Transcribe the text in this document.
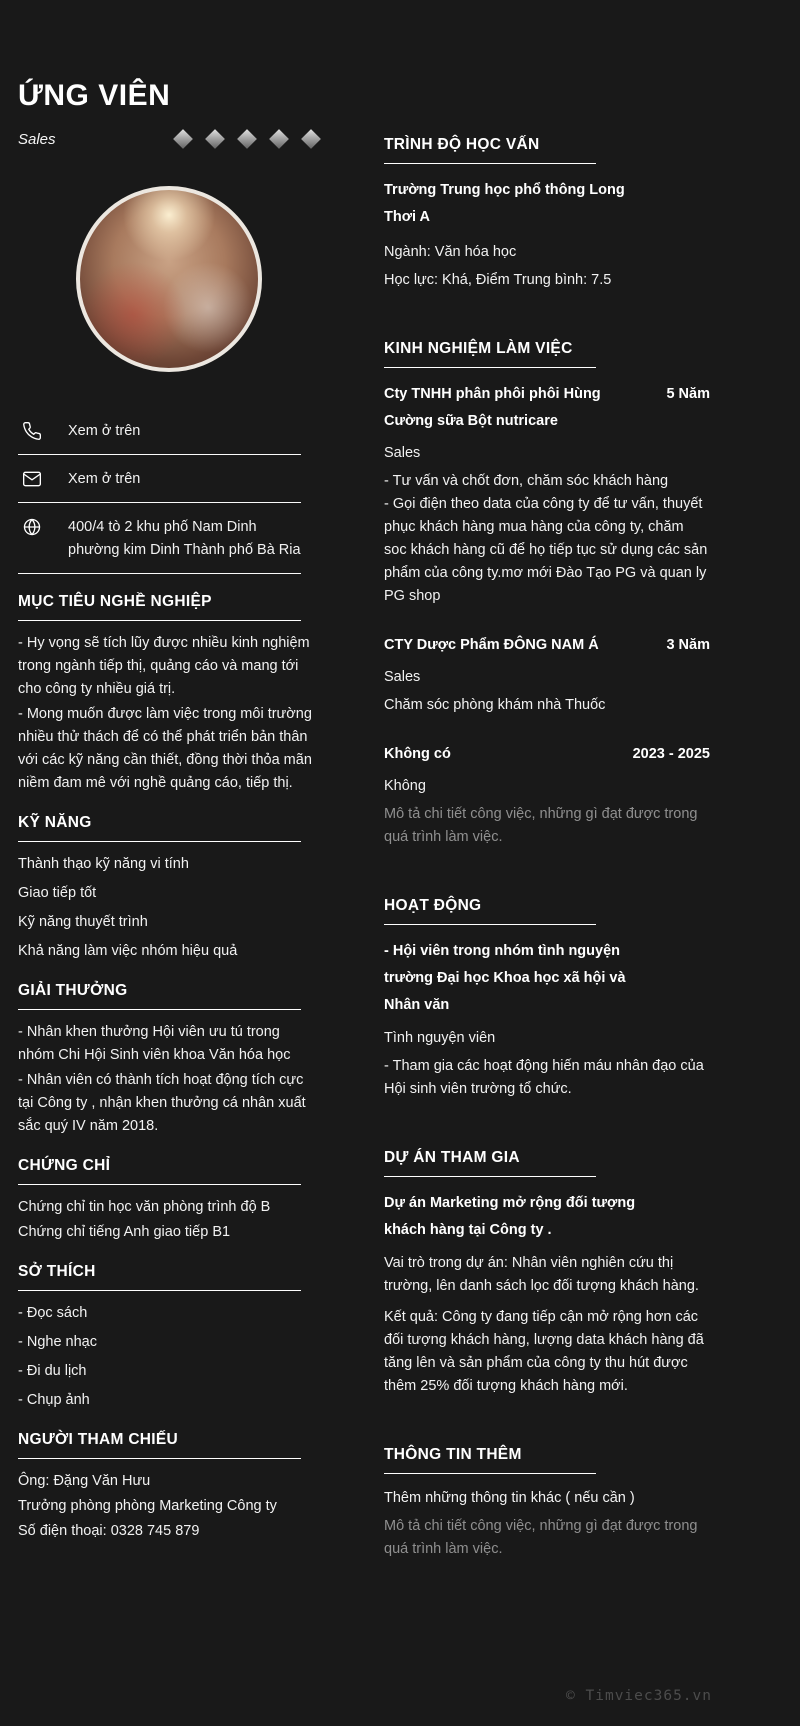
ỨNG VIÊN
Sales
Xem ở trên
Xem ở trên
400/4 tò 2 khu phố Nam Dinh phường kim Dinh Thành phố Bà Ria
MỤC TIÊU NGHỀ NGHIỆP

- Hy vọng sẽ tích lũy được nhiều kinh nghiệm trong ngành tiếp thị, quảng cáo và mang tới cho công ty nhiều giá trị.

- Mong muốn được làm việc trong môi trường nhiều thử thách để có thể phát triển bản thân với các kỹ năng cần thiết, đồng thời thỏa mãn niềm đam mê với nghề quảng cáo, tiếp thị.

KỸ NĂNG
Thành thạo kỹ năng vi tính
Giao tiếp tốt
Kỹ năng thuyết trình
Khả năng làm việc nhóm hiệu quả
GIẢI THƯỞNG

- Nhân khen thưởng Hội viên ưu tú trong nhóm Chi Hội Sinh viên khoa Văn hóa học

- Nhân viên có thành tích hoạt động tích cực tại Công ty , nhận khen thưởng cá nhân xuất sắc quý IV năm 2018.

CHỨNG CHỈ

Chứng chỉ tin học văn phòng trình độ B

Chứng chỉ tiếng Anh giao tiếp B1

SỞ THÍCH
- Đọc sách
- Nghe nhạc
- Đi du lịch
- Chụp ảnh
NGƯỜI THAM CHIẾU

Ông: Đặng Văn Hưu

Trưởng phòng phòng Marketing Công ty

Số điện thoại: 0328 745 879

TRÌNH ĐỘ HỌC VẤN
Trường Trung học phổ thông Long Thơi A
Ngành: Văn hóa học
Học lực: Khá, Điểm Trung bình: 7.5
KINH NGHIỆM LÀM VIỆC
Cty TNHH phân phôi phôi Hùng Cường sữa Bột nutricare
5 Năm
Sales

- Tư vấn và chốt đơn, chăm sóc khách hàng

- Gọi điện theo data của công ty để tư vấn, thuyết phục khách hàng mua hàng của công ty, chăm soc khách hàng cũ để họ tiếp tục sử dụng các sản phẩm của công ty.mơ mới Đào Tạo PG và quan ly PG shop

CTY Dược Phẩm ĐÔNG NAM Á	3 Năm
Sales

Chăm sóc phòng khám nhà Thuốc

Không có	2023 - 2025
Không

Mô tả chi tiết công việc, những gì đạt được trong quá trình làm việc.

HOẠT ĐỘNG
- Hội viên trong nhóm tình nguyện trường Đại học Khoa học xã hội và Nhân văn
Tình nguyện viên
- Tham gia các hoạt động hiến máu nhân đạo của Hội sinh viên trường tổ chức.
DỰ ÁN THAM GIA
Dự án Marketing mở rộng đối tượng khách hàng tại Công ty .
Vai trò trong dự án: Nhân viên nghiên cứu thị trường, lên danh sách lọc đối tượng khách hàng.
Kết quả: Công ty đang tiếp cận mở rộng hơn các đối tượng khách hàng, lượng data khách hàng đã tăng lên và sản phẩm của công ty thu hút được thêm 25% đối tượng khách hàng mới.
THÔNG TIN THÊM
Thêm những thông tin khác ( nếu cần )
Mô tả chi tiết công việc, những gì đạt được trong quá trình làm việc.
© Timviec365.vn
